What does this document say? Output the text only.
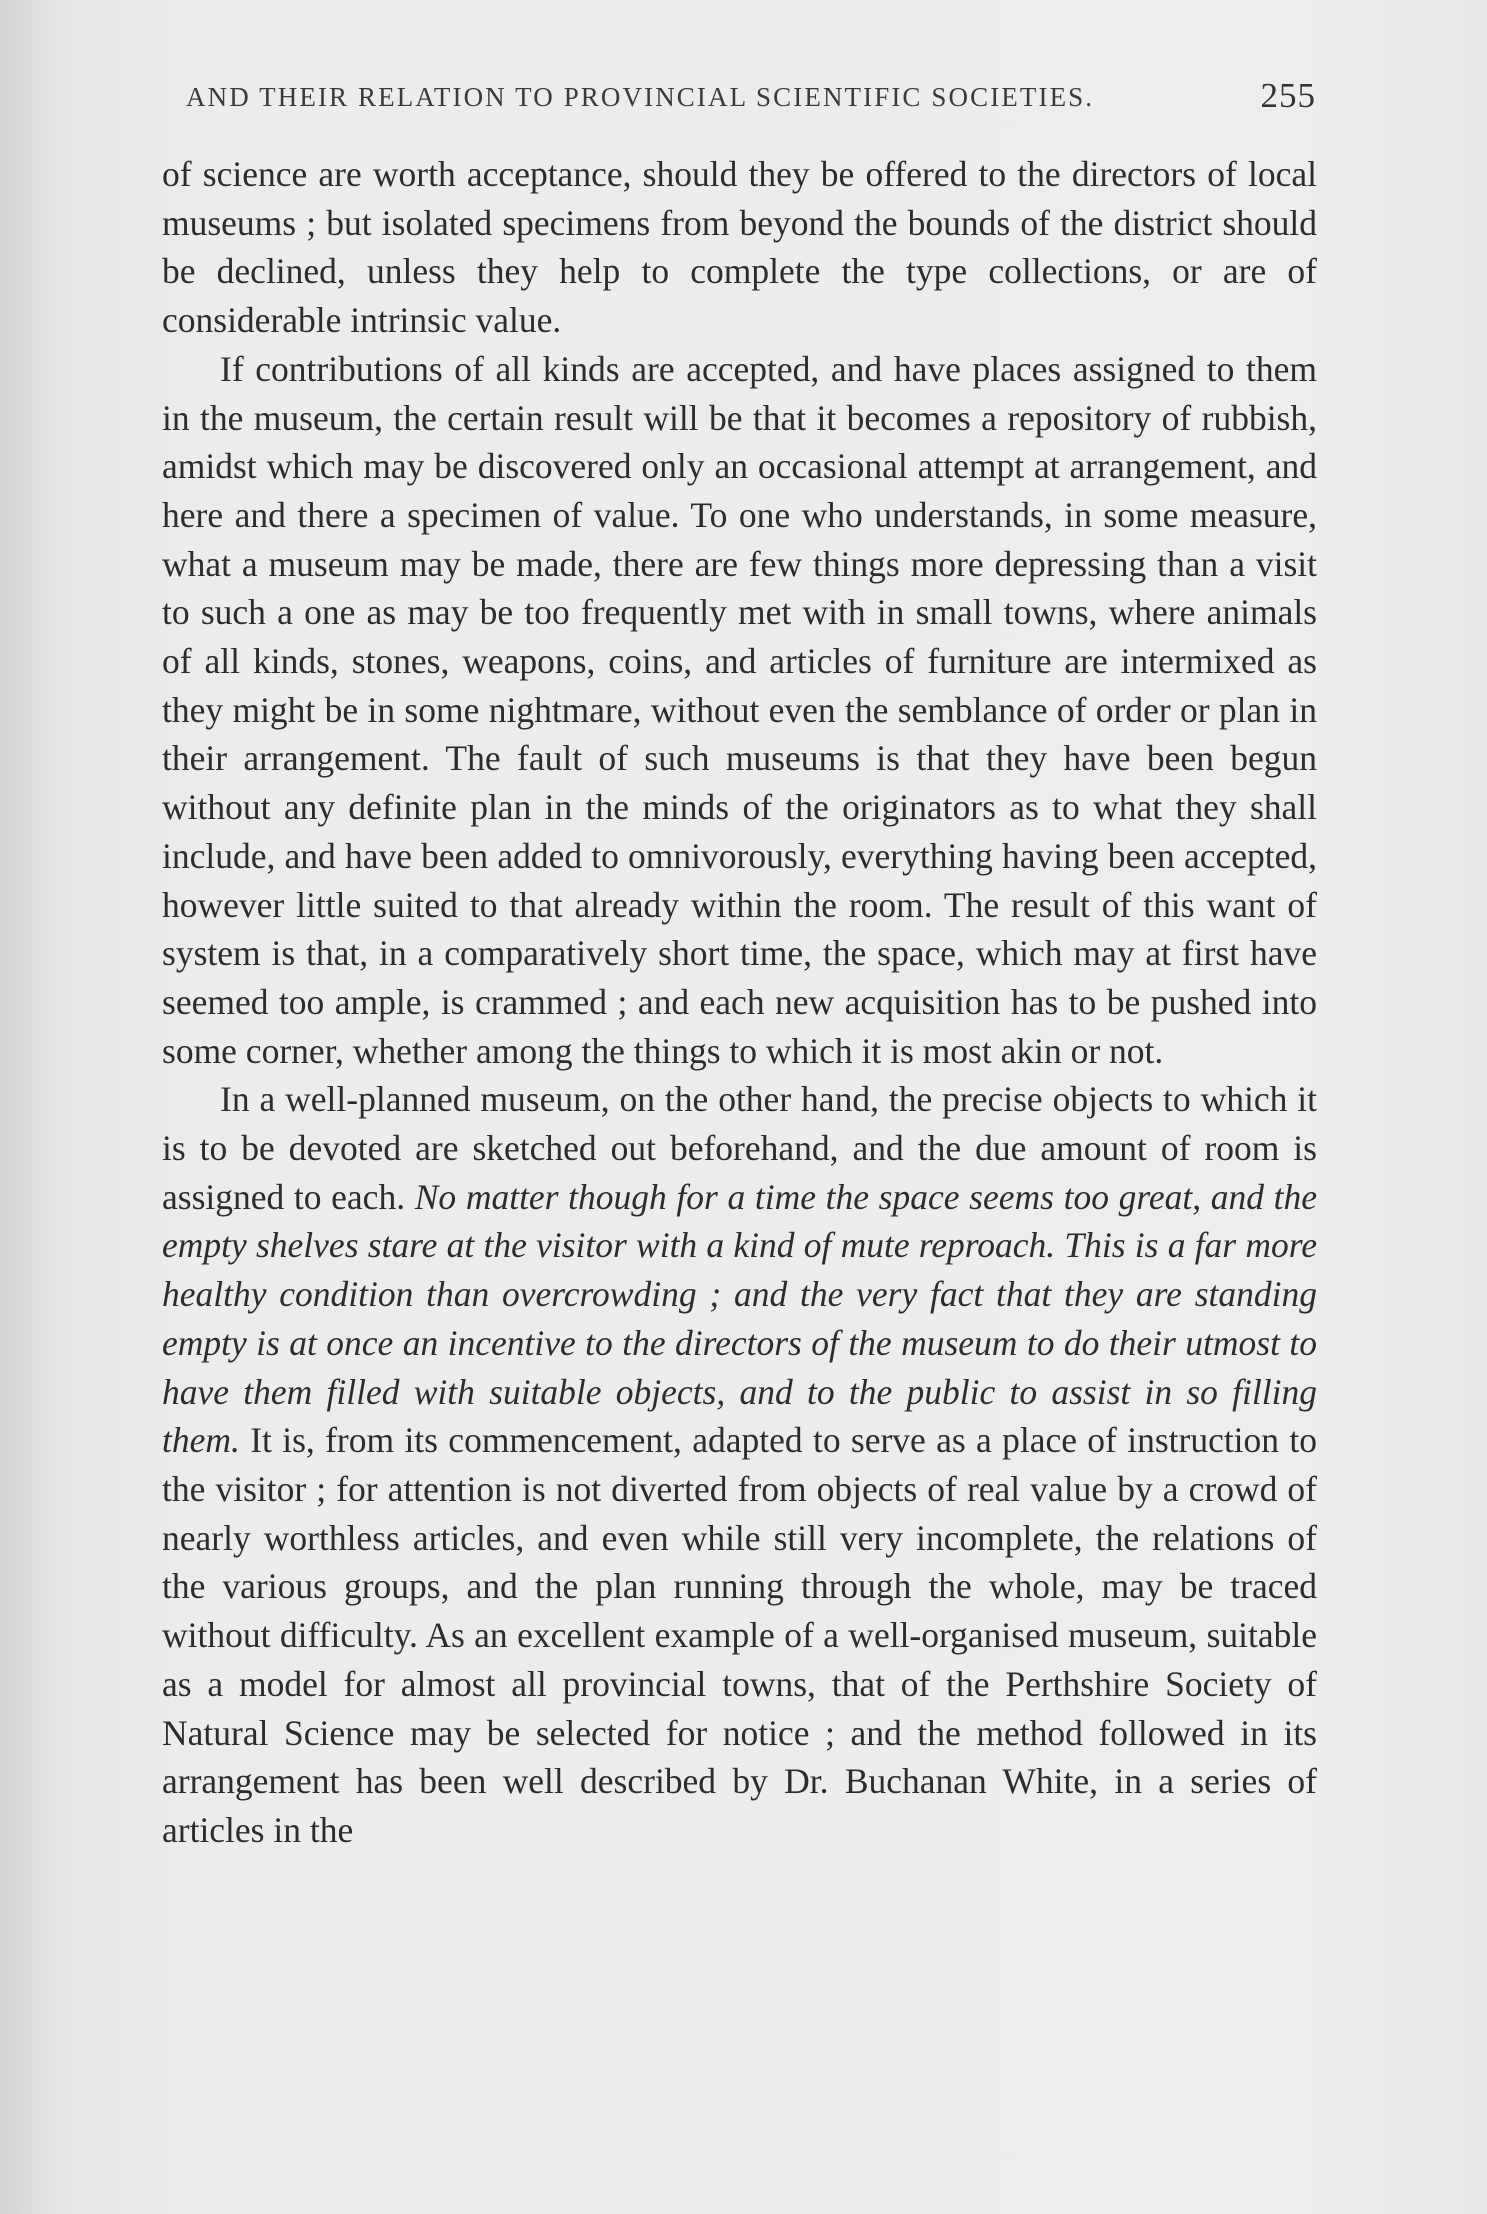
AND THEIR RELATION TO PROVINCIAL SCIENTIFIC SOCIETIES.	255

of science are worth acceptance, should they be offered to the directors of local museums ; but isolated specimens from beyond the bounds of the district should be declined, unless they help to complete the type collections, or are of considerable intrinsic value.

If contributions of all kinds are accepted, and have places assigned to them in the museum, the certain result will be that it becomes a repository of rubbish, amidst which may be discovered only an occasional attempt at arrangement, and here and there a specimen of value. To one who understands, in some measure, what a museum may be made, there are few things more depressing than a visit to such a one as may be too frequently met with in small towns, where animals of all kinds, stones, weapons, coins, and articles of furniture are intermixed as they might be in some nightmare, without even the semblance of order or plan in their arrangement. The fault of such museums is that they have been begun without any definite plan in the minds of the originators as to what they shall include, and have been added to omnivorously, everything having been accepted, however little suited to that already within the room. The result of this want of system is that, in a comparatively short time, the space, which may at first have seemed too ample, is crammed ; and each new acquisition has to be pushed into some corner, whether among the things to which it is most akin or not.

In a well-planned museum, on the other hand, the precise objects to which it is to be devoted are sketched out beforehand, and the due amount of room is assigned to each. No matter though for a time the space seems too great, and the empty shelves stare at the visitor with a kind of mute reproach. This is a far more healthy condition than overcrowding ; and the very fact that they are standing empty is at once an incentive to the directors of the museum to do their utmost to have them filled with suitable objects, and to the public to assist in so filling them. It is, from its commencement, adapted to serve as a place of instruction to the visitor ; for attention is not diverted from objects of real value by a crowd of nearly worthless articles, and even while still very incomplete, the relations of the various groups, and the plan running through the whole, may be traced without difficulty. As an excellent example of a well-organised museum, suitable as a model for almost all provincial towns, that of the Perthshire Society of Natural Science may be selected for notice ; and the method followed in its arrangement has been well described by Dr. Buchanan White, in a series of articles in the
